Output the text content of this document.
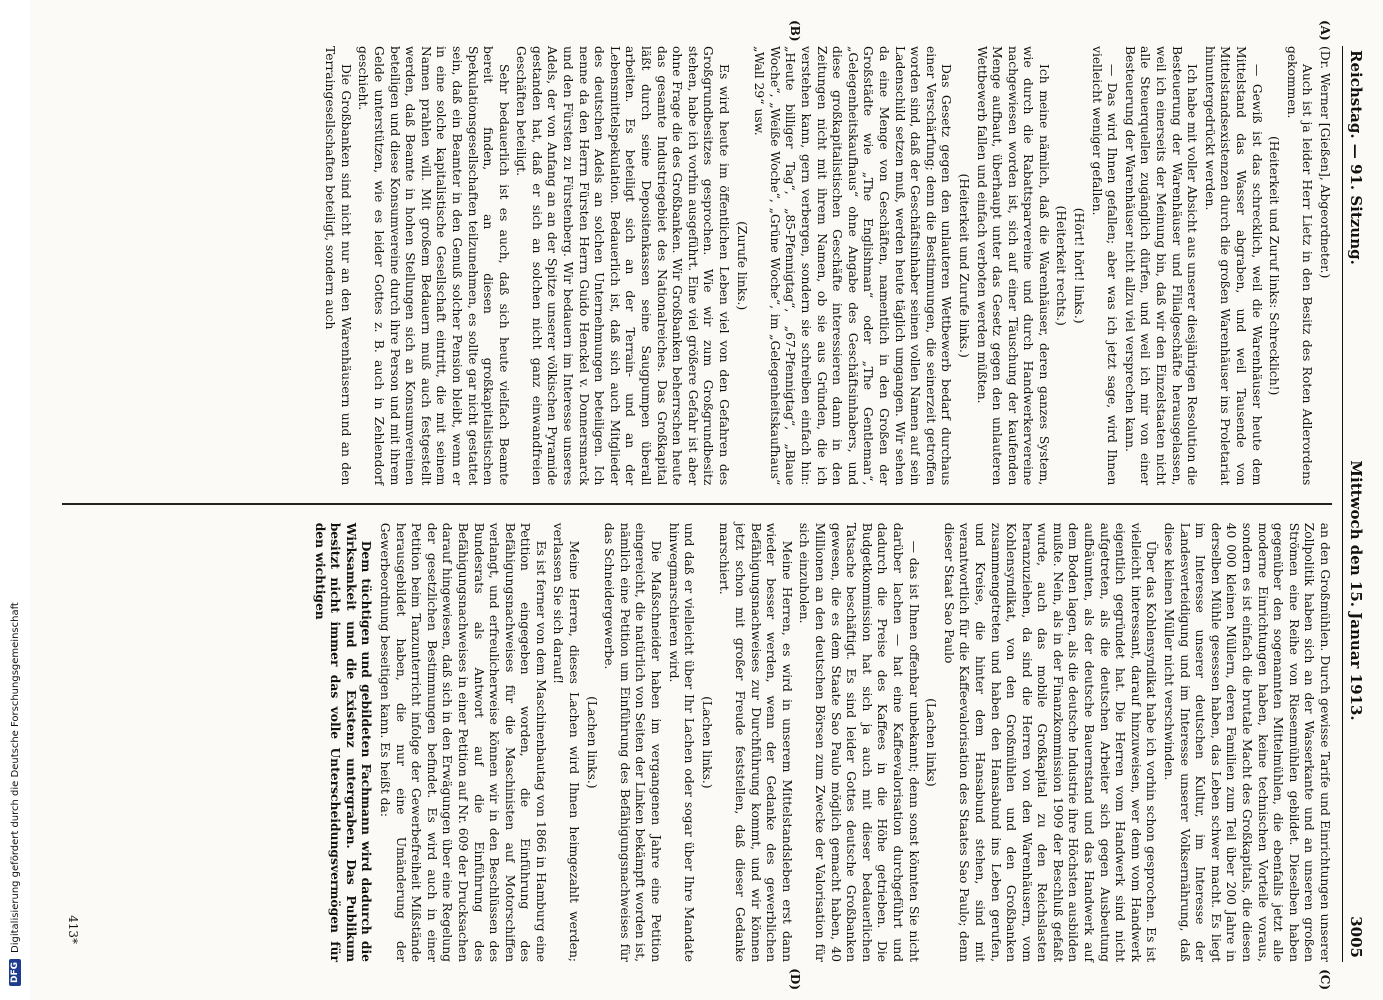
DFG
Digitalisierung gefördert durch die Deutsche Forschungsgemeinschaft
Reichstag. — 91. Sitzung.
Mittwoch den 15. Januar 1913.
3005
(A)
(B)

(Dr. Werner [Gießen], Abgeordneter.)

Auch ist ja leider Herr Lietz in den Besitz des Roten Adlerordens gekommen.

(Heiterkeit und Zuruf links: Schrecklich!)

— Gewiß ist das schrecklich, weil die Warenhäuser heute dem Mittelstand das Wasser abgraben, und weil Tausende von Mittelstandsexistenzen durch die großen Warenhäuser ins Proletariat hinuntergedrückt werden.

Ich habe mit voller Absicht aus unserer diesjährigen Resolution die Besteuerung der Warenhäuser und Filialgeschäfte herausgelassen, weil ich einerseits der Meinung bin, daß wir den Einzelstaaten nicht alle Steuerquellen zugänglich dürfen, und weil ich mir von einer Besteuerung der Warenhäuser nicht allzu viel versprechen kann.

— Das wird Ihnen gefallen; aber was ich jetzt sage, wird Ihnen vielleicht weniger gefallen.

(Hört! hört! links.)

(Heiterkeit rechts.)

Ich meine nämlich, daß die Warenhäuser, deren ganzes System, wie durch die Rabattsparvereine und durch Handwerkervereine nachgewiesen worden ist, sich auf einer Täuschung der kaufenden Menge aufbaut, überhaupt unter das Gesetz gegen den unlauteren Wettbewerb fallen und einfach verboten werden müßten.

(Heiterkeit und Zurufe links.)

Das Gesetz gegen den unlauteren Wettbewerb bedarf durchaus einer Verschärfung; denn die Bestimmungen, die seinerzeit getroffen worden sind, daß der Geschäftsinhaber seinen vollen Namen auf sein Ladenschild setzen muß, werden heute täglich umgangen. Wir sehen da eine Menge von Geschäften, namentlich in den Großen der Großstädte wie „The Englishman“ oder „The Gentleman“, „Gelegenheitskaufhaus“ ohne Angabe des Geschäftsinhabers, und diese großkapitalistischen Geschäfte interessieren dann in den Zeitungen nicht mit ihrem Namen, ob sie aus Gründen, die ich verstehen kann, gern verbergen, sondern sie schreiben einfach hin: „Heute billiger Tag“, „85-Pfennigtag“, „67-Pfennigtag“, „Blaue Woche“, „Weiße Woche“, „Grüne Woche“, im „Gelegenheitskaufhaus“ „Wall 29“ usw.

(Zurufe links.)

Es wird heute im öffentlichen Leben viel von den Gefahren des Großgrundbesitzes gesprochen. Wie wir zum Großgrundbesitz stehen, habe ich vorhin ausgeführt. Eine viel größere Gefahr ist aber ohne Frage die des Großbanken. Wir Großbanken beherrschen heute das gesamte Industriegebiet des Nationalreiches. Das Großkapital läßt durch seine Depositenkassen seine Saugpumpen überall arbeiten. Es beteiligt sich an der Terrain- und an der Lebensmittelspekulation. Bedauerlich ist, daß sich auch Mitglieder des deutschen Adels an solchen Unternehmungen beteiligen. Ich nenne da den Herrn Fürsten Herrn Guido Henckel v. Donnersmarck und den Fürsten zu Fürstenberg. Wir bedauern im Interesse unseres Adels, der von Anfang an an der Spitze unserer völkischen Pyramide gestanden hat, daß er sich an solchen nicht ganz einwandfreien Geschäften beteiligt.

Sehr bedauerlich ist es auch, daß sich heute vielfach Beamte bereit finden, an diesen großkapitalistischen Spekulationsgesellschaften teilzunehmen, es sollte gar nicht gestattet sein, daß ein Beamter in den Genuß solcher Pension bleibt, wenn er in eine solche kapitalistische Gesellschaft eintritt, die mit seinem Namen prahlen will. Mit großem Bedauern muß auch festgestellt werden, daß Beamte in hohen Stellungen sich an Konsumvereinen beteiligen und diese Konsumvereine durch ihre Person und mit ihrem Gelde unterstützen, wie es leider Gottes z. B. auch in Zehlendorf geschieht.

Die Großbanken sind nicht nur an den Warenhäusern und an den Terraingesellschaften beteiligt, sondern auch

(C)
(D)

an den Großmühlen. Durch gewisse Tarife und Einrichtungen unserer Zollpolitik haben sich an der Wasserkante und an unseren großen Strömen eine Reihe von Riesenmühlen gebildet. Dieselben haben gegenüber den sogenannten Mittelmühlen, die ebenfalls jetzt alle moderne Einrichtungen haben, keine technischen Vorteile voraus, sondern es ist einfach die brutale Macht des Großkapitals, die diesen 40 000 kleinen Müllern, deren Familien zum Teil über 200 Jahre in derselben Mühle gesessen haben, das Leben schwer macht. Es liegt im Interesse unserer deutschen Kultur, im Interesse der Landesverteidigung und im Interesse unserer Volksernährung, daß diese kleinen Müller nicht verschwinden.

Über das Kohlensyndikat habe ich vorhin schon gesprochen. Es ist vielleicht interessant, darauf hinzuweisen, wer denn vom Handwerk eigentlich gegründet hat. Die Herren vom Handwerk sind nicht aufgetreten, als die deutschen Arbeiter sich gegen Ausbeutung aufbäumten, als der deutsche Bauernstand und das Handwerk auf dem Boden lagen, als die deutsche Industrie ihre Höchsten ausbilden mußte. Nein, als in der Finanzkommission 1909 der Beschluß gefaßt wurde, auch das mobile Großkapital zu den Reichslasten heranzuziehen, da sind die Herren von den Warenhäusern, vom Kohlensyndikat, von den Großmühlen und den Großbanken zusammengetreten und haben den Hansabund ins Leben gerufen, und Kreise, die hinter dem Hansabund stehen, sind mit verantwortlich für die Kaffeevalorisation des Staates Sao Paulo; denn dieser Staat Sao Paulo

(Lachen links)

— das ist Ihnen offenbar unbekannt; denn sonst könnten Sie nicht darüber lachen — hat eine Kaffeevalorisation durchgeführt und dadurch die Preise des Kaffees in die Höhe getrieben. Die Budgetkommission hat sich ja auch mit dieser bedauerlichen Tatsache beschäftigt. Es sind leider Gottes deutsche Großbanken gewesen, die es dem Staate Sao Paulo möglich gemacht haben, 40 Millionen an den deutschen Börsen zum Zwecke der Valorisation für sich einzuholen.

Meine Herren, es wird in unserem Mittelstandsleben erst dann wieder besser werden, wenn der Gedanke des gewerblichen Befähigungsnachweises zur Durchführung kommt, und wir können jetzt schon mit großer Freude feststellen, daß dieser Gedanke marschiert.

(Lachen links.)

und daß er vielleicht über Ihr Lachen oder sogar über Ihre Mandate hinwegmarschieren wird.

Die Maßschneider haben im vergangenen Jahre eine Petition eingereicht, die natürlich von Seiten der Linken bekämpft worden ist, nämlich eine Petition um Einführung des Befähigungsnachweises für das Schneidergewerbe.

(Lachen links.)

Meine Herren, dieses Lachen wird Ihnen heimgezahlt werden; verlassen Sie sich darauf!

Es ist ferner von dem Maschinenbautag von 1866 in Hamburg eine Petition eingegeben worden, die Einführung des Befähigungsnachweises für die Maschinisten auf Motorschiffen verlangt, und erfreulicherweise können wir in den Beschlüssen des Bundesrats als Antwort auf die Einführung des Befähigungsnachweises in einer Petition auf Nr. 609 der Drucksachen darauf hingewiesen, daß sich in den Erwägungen über eine Regelung der gesetzlichen Bestimmungen befindet. Es wird auch in einer Petition beim Tanzunterricht infolge der Gewerbefreiheit Mißstände herausgebildet haben, die nur eine Umänderung der Gewerbeordnung beseitigen kann. Es heißt da:

Dem tüchtigen und gebildeten Fachmann wird dadurch die Wirksamkeit und die Existenz untergraben. Das Publikum besitzt nicht immer das volle Unterscheidungsvermögen für den wichtigen

413*
